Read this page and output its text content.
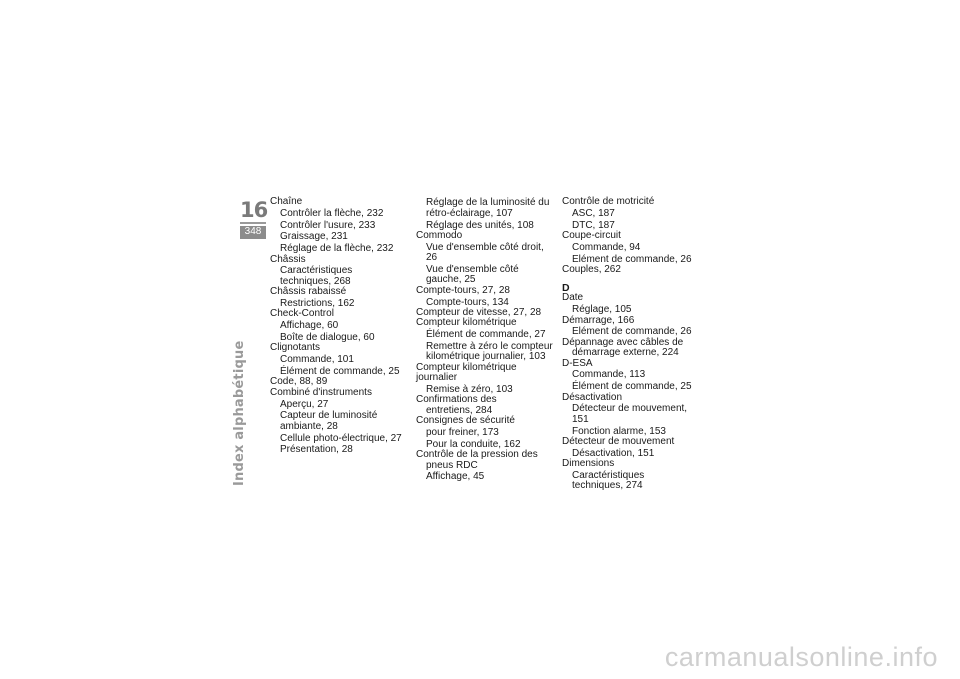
16
348
Index alphabétique
Chaîne
Contrôler la flèche, 232
Contrôler l'usure, 233
Graissage, 231
Réglage de la flèche, 232
Châssis
Caractéristiques
techniques, 268
Châssis rabaissé
Restrictions, 162
Check-Control
Affichage, 60
Boîte de dialogue, 60
Clignotants
Commande, 101
Élément de commande, 25
Code, 88, 89
Combiné d'instruments
Aperçu, 27
Capteur de luminosité
ambiante, 28
Cellule photo-électrique, 27
Présentation, 28
Réglage de la luminosité du
rétro-éclairage, 107
Réglage des unités, 108
Commodo
Vue d'ensemble côté droit, 26
Vue d'ensemble côté
gauche, 25
Compte-tours, 27, 28
Compte-tours, 134
Compteur de vitesse, 27, 28
Compteur kilométrique
Élément de commande, 27
Remettre à zéro le compteur
kilométrique journalier, 103
Compteur kilométrique journalier
Remise à zéro, 103
Confirmations des
entretiens, 284
Consignes de sécurité
pour freiner, 173
Pour la conduite, 162
Contrôle de la pression des
pneus RDC
Affichage, 45
Contrôle de motricité
ASC, 187
DTC, 187
Coupe-circuit
Commande, 94
Elément de commande, 26
Couples, 262
D
Date
Réglage, 105
Démarrage, 166
Elément de commande, 26
Dépannage avec câbles de
démarrage externe, 224
D-ESA
Commande, 113
Élément de commande, 25
Désactivation
Détecteur de mouvement, 151
Fonction alarme, 153
Détecteur de mouvement
Désactivation, 151
Dimensions
Caractéristiques
techniques, 274
carmanualsonline.info
